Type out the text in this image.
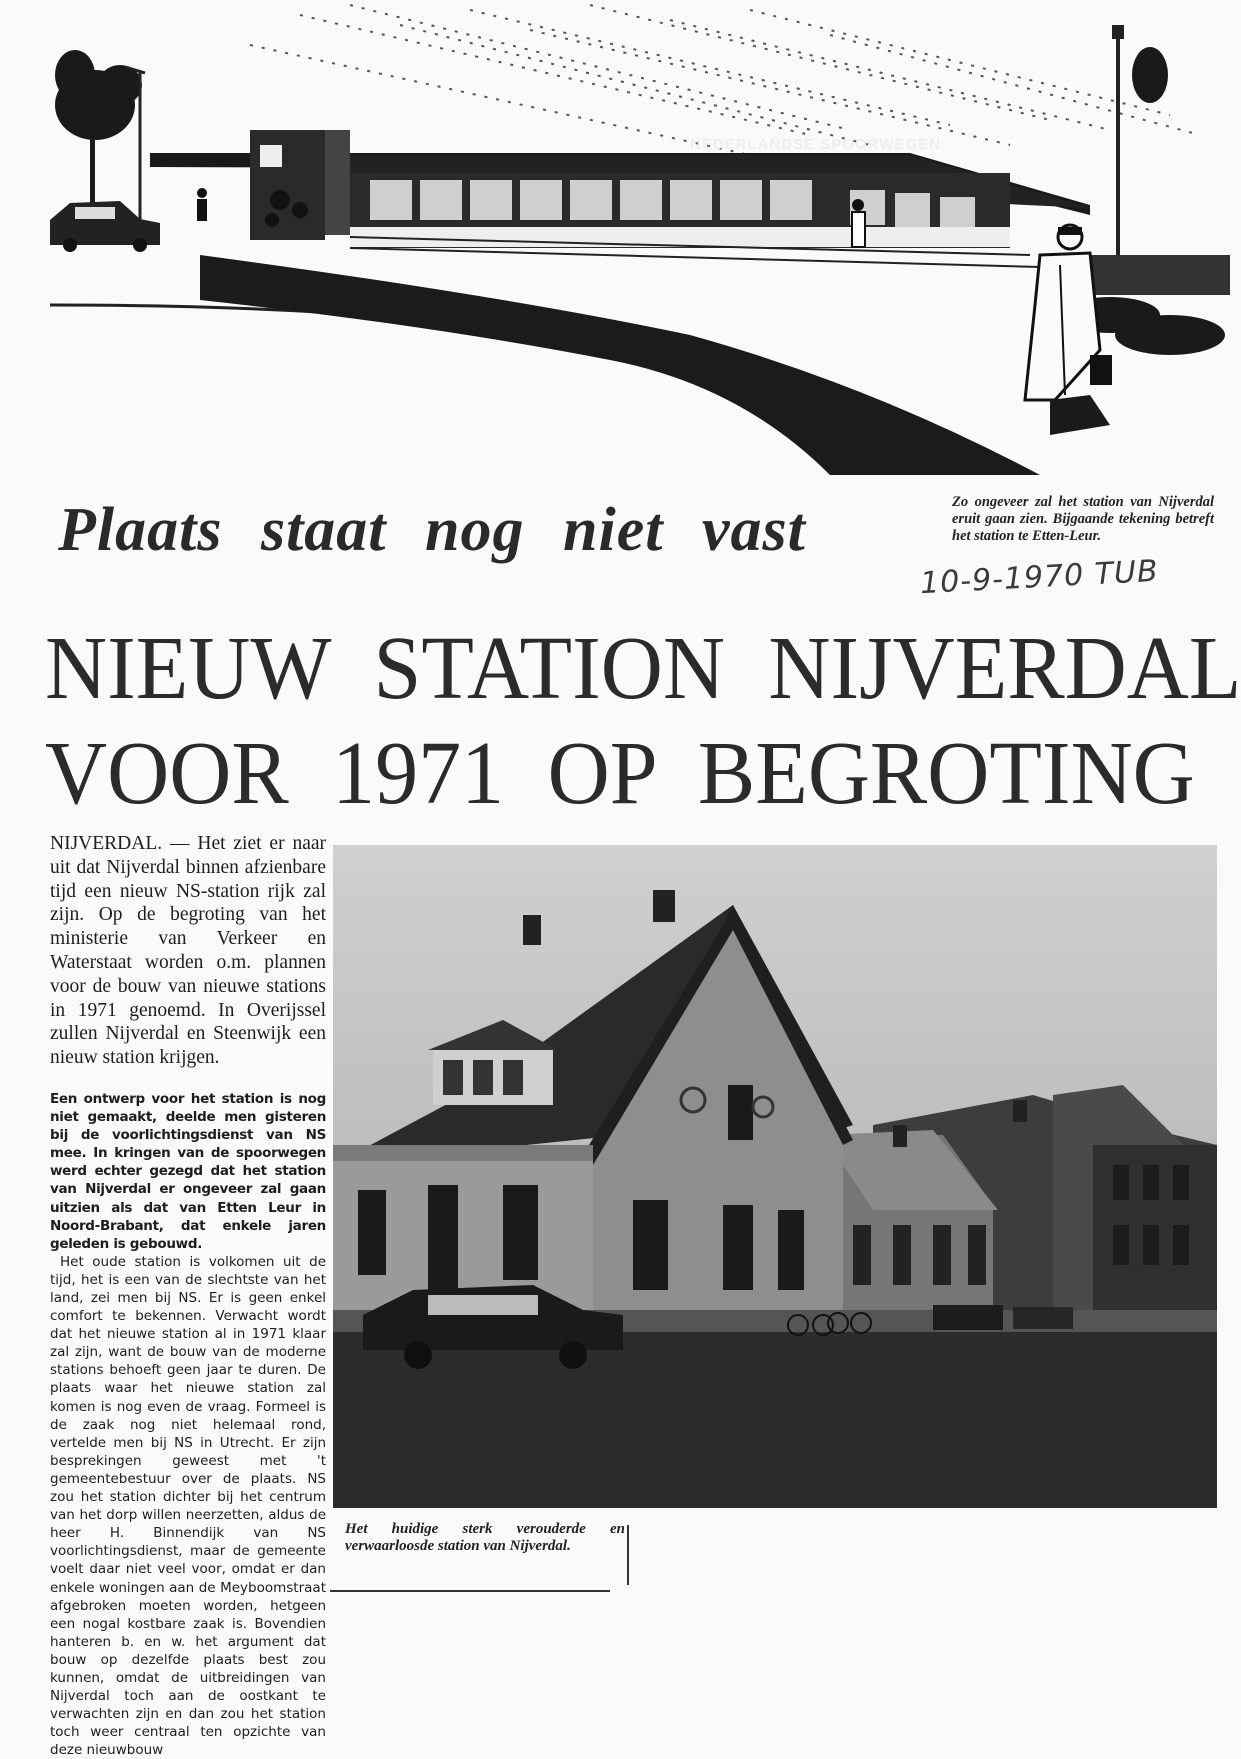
NEDERLANDSE SPOORWEGEN
Zo ongeveer zal het station van Nijverdal eruit gaan zien. Bijgaande tekening betreft het station te Etten-Leur.
10-9-1970 TUB
Plaats staat nog niet vast
NIEUW STATION NIJVERDAL
VOOR 1971 OP BEGROTING

NIJVERDAL. — Het ziet er naar uit dat Nijverdal binnen afzienbare tijd een nieuw NS-station rijk zal zijn. Op de begroting van het ministerie van Verkeer en Waterstaat worden o.m. plannen voor de bouw van nieuwe stations in 1971 genoemd. In Overijssel zullen Nijverdal en Steenwijk een nieuw station krijgen.

Een ontwerp voor het station is nog niet gemaakt, deelde men gisteren bij de voorlichtingsdienst van NS mee. In kringen van de spoorwegen werd echter gezegd dat het station van Nijverdal er ongeveer zal gaan uitzien als dat van Etten Leur in Noord-Brabant, dat enkele jaren geleden is gebouwd.

Het oude station is volkomen uit de tijd, het is een van de slechtste van het land, zei men bij NS. Er is geen enkel comfort te bekennen. Verwacht wordt dat het nieuwe station al in 1971 klaar zal zijn, want de bouw van de moderne stations behoeft geen jaar te duren. De plaats waar het nieuwe station zal komen is nog even de vraag. Formeel is de zaak nog niet helemaal rond, vertelde men bij NS in Utrecht. Er zijn besprekingen geweest met 't gemeentebestuur over de plaats. NS zou het station dichter bij het centrum van het dorp willen neerzetten, aldus de heer H. Binnendijk van NS voorlichtingsdienst, maar de gemeente voelt daar niet veel voor, omdat er dan enkele woningen aan de Meyboomstraat afgebroken moeten worden, hetgeen een nogal kostbare zaak is. Bovendien hanteren b. en w. het argument dat bouw op dezelfde plaats best zou kunnen, omdat de uitbreidingen van Nijverdal toch aan de oostkant te verwachten zijn en dan zou het station toch weer centraal ten opzichte van deze nieuwbouw

Het huidige sterk verouderde en verwaarloosde station van Nijverdal.
